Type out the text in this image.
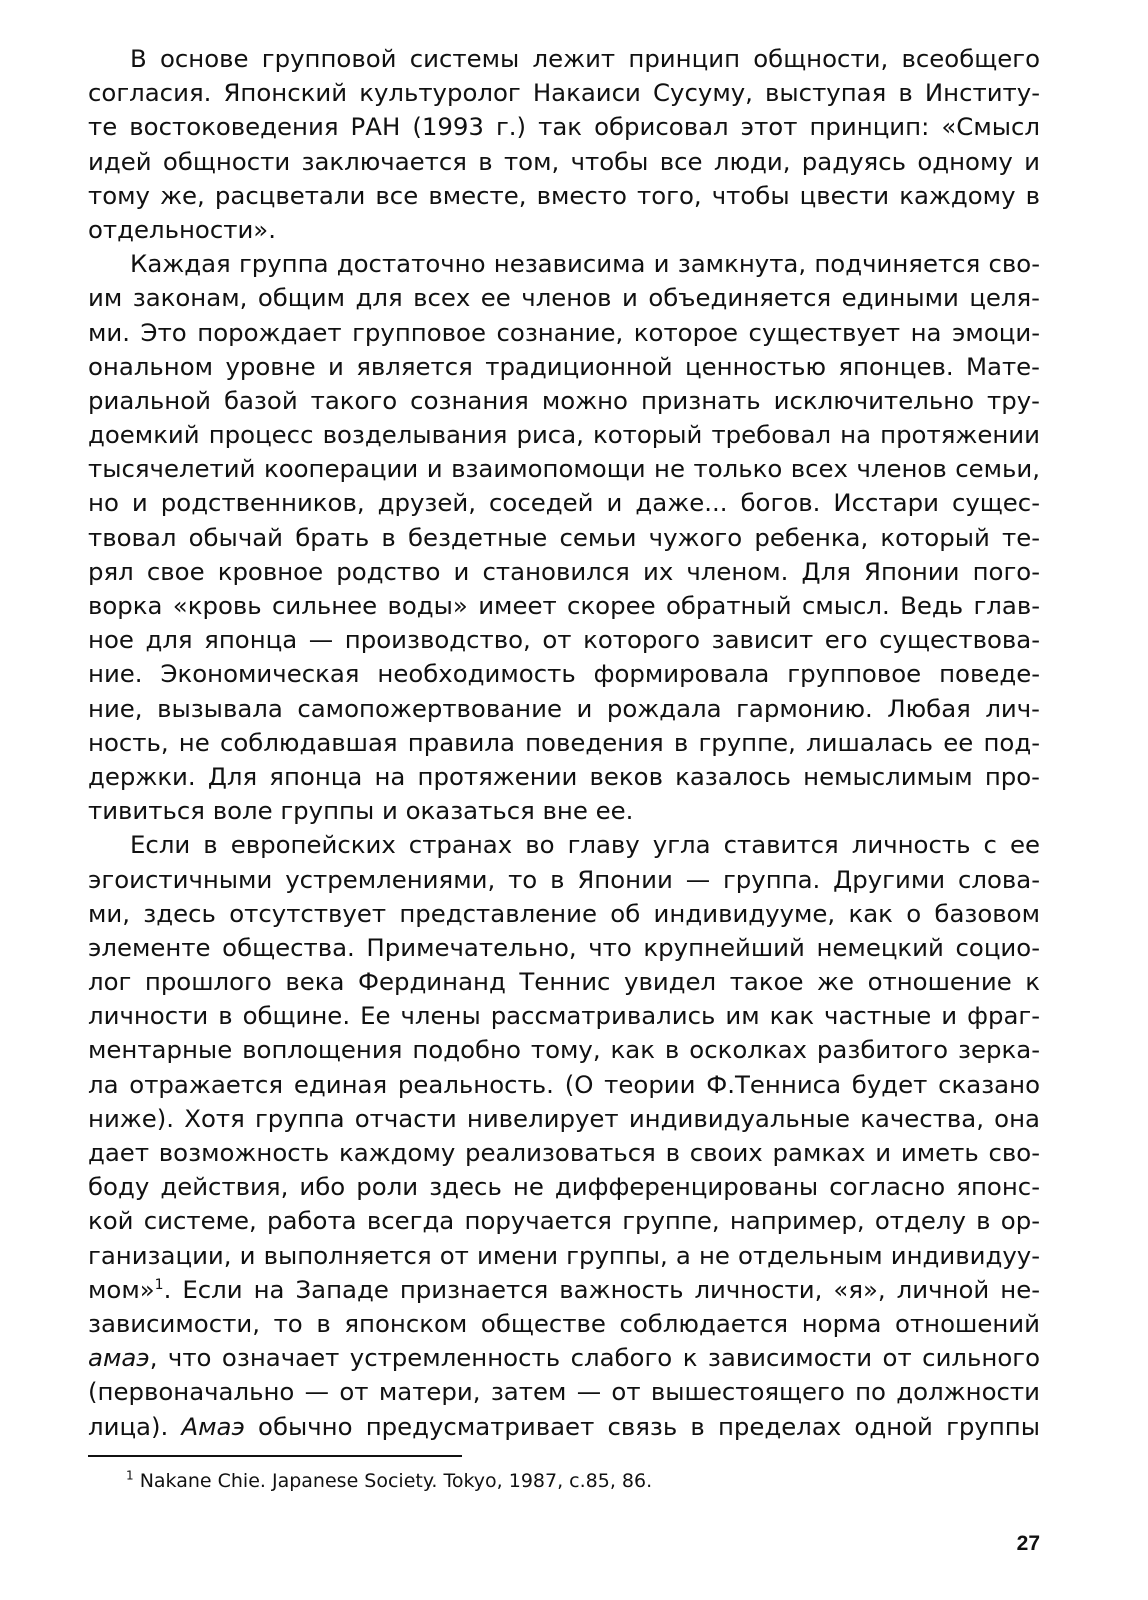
В основе групповой системы лежит принцип общности, всеобщего
согласия. Японский культуролог Накаиси Сусуму, выступая в Институ-
те востоковедения РАН (1993 г.) так обрисовал этот принцип: «Смысл
идей общности заключается в том, чтобы все люди, радуясь одному и
тому же, расцветали все вместе, вместо того, чтобы цвести каждому в
отдельности».
Каждая группа достаточно независима и замкнута, подчиняется сво-
им законам, общим для всех ее членов и объединяется едиными целя-
ми. Это порождает групповое сознание, которое существует на эмоци-
ональном уровне и является традиционной ценностью японцев. Мате-
риальной базой такого сознания можно признать исключительно тру-
доемкий процесс возделывания риса, который требовал на протяжении
тысячелетий кооперации и взаимопомощи не только всех членов семьи,
но и родственников, друзей, соседей и даже... богов. Исстари сущес-
твовал обычай брать в бездетные семьи чужого ребенка, который те-
рял свое кровное родство и становился их членом. Для Японии пого-
ворка «кровь сильнее воды» имеет скорее обратный смысл. Ведь глав-
ное для японца — производство, от которого зависит его существова-
ние. Экономическая необходимость формировала групповое поведе-
ние, вызывала самопожертвование и рождала гармонию. Любая лич-
ность, не соблюдавшая правила поведения в группе, лишалась ее под-
держки. Для японца на протяжении веков казалось немыслимым про-
тивиться воле группы и оказаться вне ее.
Если в европейских странах во главу угла ставится личность с ее
эгоистичными устремлениями, то в Японии — группа. Другими слова-
ми, здесь отсутствует представление об индивидууме, как о базовом
элементе общества. Примечательно, что крупнейший немецкий социо-
лог прошлого века Фердинанд Теннис увидел такое же отношение к
личности в общине. Ее члены рассматривались им как частные и фраг-
ментарные воплощения подобно тому, как в осколках разбитого зерка-
ла отражается единая реальность. (О теории Ф.Тенниса будет сказано
ниже). Хотя группа отчасти нивелирует индивидуальные качества, она
дает возможность каждому реализоваться в своих рамках и иметь сво-
боду действия, ибо роли здесь не дифференцированы согласно японс-
кой системе, работа всегда поручается группе, например, отделу в ор-
ганизации, и выполняется от имени группы, а не отдельным индивидуу-
мом»$^1$. Если на Западе признается важность личности, «я», личной не-
зависимости, то в японском обществе соблюдается норма отношений
амаэ, что означает устремленность слабого к зависимости от сильного
(первоначально — от матери, затем — от вышестоящего по должности
лица). Амаэ обычно предусматривает связь в пределах одной группы
$^1$ Nakane Chie. Japanese Society. Tokyo, 1987, с.85, 86.
27
